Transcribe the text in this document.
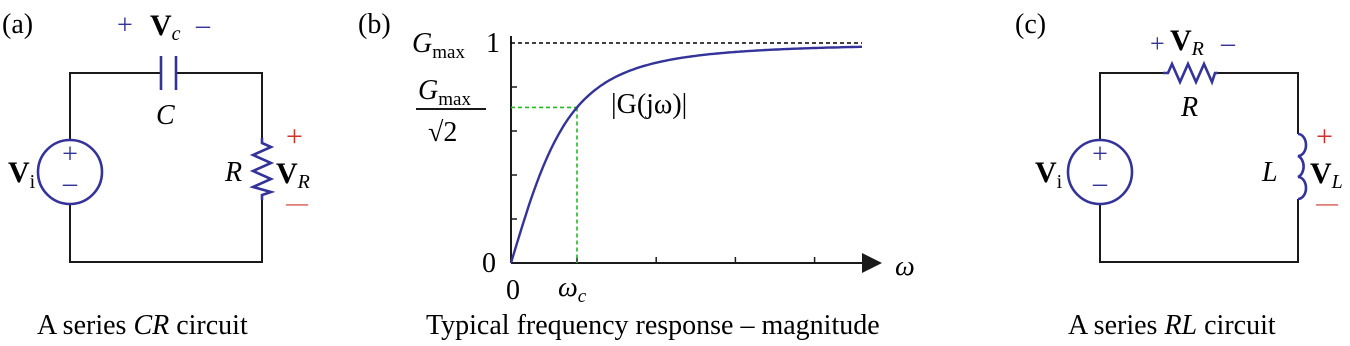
(a)
+
–
+ Vc –
C
R
+
VR
—
$V_i$
A series CR circuit
(b)
$G_{max}$ 1
$G_{max}$
√2
0
0 $\omega_c$
ω
|G(jω)|
Typical frequency response – magnitude
(c)
+
–
+ VR –
R
L
+
VL
—
$V_i$
A series RL circuit
